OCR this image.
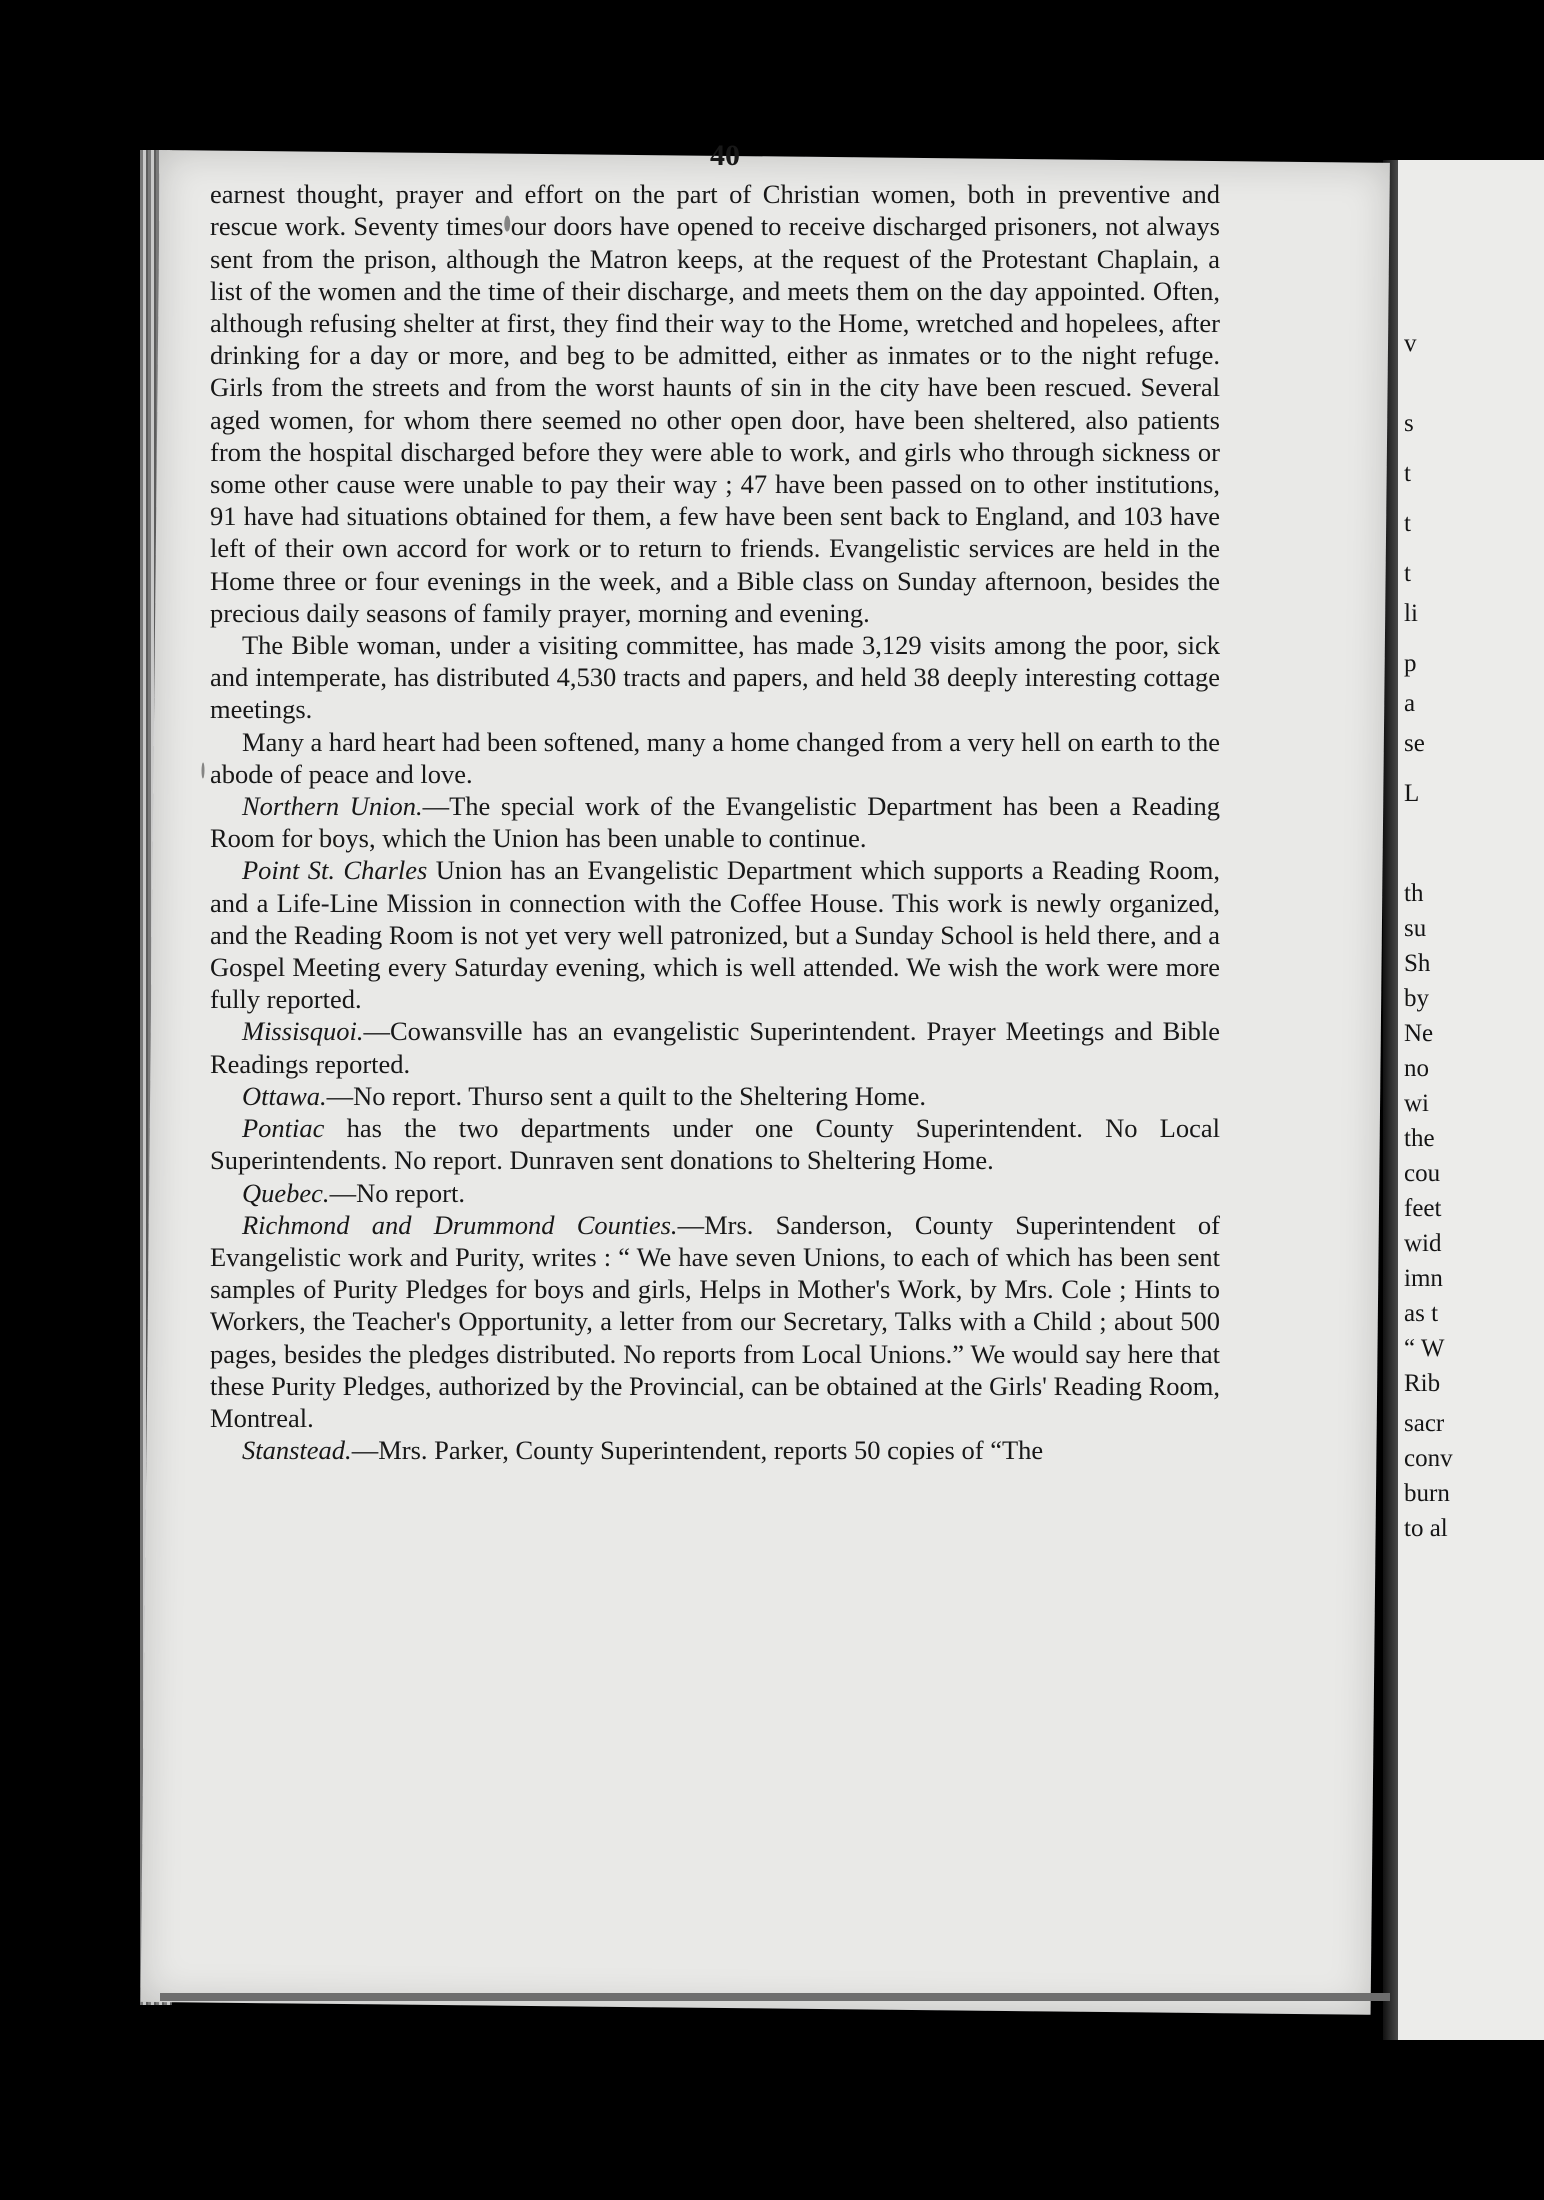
40

earnest thought, prayer and effort on the part of Christian women, both in preventive and rescue work. Seventy times our doors have opened to receive discharged prisoners, not always sent from the prison, although the Matron keeps, at the request of the Protestant Chaplain, a list of the women and the time of their discharge, and meets them on the day appointed. Often, although refusing shelter at first, they find their way to the Home, wretched and hopelees, after drinking for a day or more, and beg to be admitted, either as inmates or to the night refuge. Girls from the streets and from the worst haunts of sin in the city have been rescued. Several aged women, for whom there seemed no other open door, have been sheltered, also patients from the hospital discharged before they were able to work, and girls who through sickness or some other cause were unable to pay their way ; 47 have been passed on to other institutions, 91 have had situations obtained for them, a few have been sent back to England, and 103 have left of their own accord for work or to return to friends. Evangelistic services are held in the Home three or four evenings in the week, and a Bible class on Sunday afternoon, besides the precious daily seasons of family prayer, morning and evening.

The Bible woman, under a visiting committee, has made 3,129 visits among the poor, sick and intemperate, has distributed 4,530 tracts and papers, and held 38 deeply interesting cottage meetings.

Many a hard heart had been softened, many a home changed from a very hell on earth to the abode of peace and love.

Northern Union.—The special work of the Evangelistic Department has been a Reading Room for boys, which the Union has been unable to continue.

Point St. Charles Union has an Evangelistic Department which supports a Reading Room, and a Life-Line Mission in connection with the Coffee House. This work is newly organized, and the Reading Room is not yet very well patronized, but a Sunday School is held there, and a Gospel Meeting every Saturday evening, which is well attended. We wish the work were more fully reported.

Missisquoi.—Cowansville has an evangelistic Superintendent. Prayer Meetings and Bible Readings reported.

Ottawa.—No report. Thurso sent a quilt to the Sheltering Home.

Pontiac has the two departments under one County Superintendent. No Local Superintendents. No report. Dunraven sent donations to Sheltering Home.

Quebec.—No report.

Richmond and Drummond Counties.—Mrs. Sanderson, County Superintendent of Evangelistic work and Purity, writes : “ We have seven Unions, to each of which has been sent samples of Purity Pledges for boys and girls, Helps in Mother's Work, by Mrs. Cole ; Hints to Workers, the Teacher's Opportunity, a letter from our Secretary, Talks with a Child ; about 500 pages, besides the pledges distributed. No reports from Local Unions.” We would say here that these Purity Pledges, authorized by the Provincial, can be obtained at the Girls' Reading Room, Montreal.

Stanstead.—Mrs. Parker, County Superintendent, reports 50 copies of “The

v
s
t
t
t
li
p
a
se
L
th
su
Sh
by
Ne
no
wi
the
cou
feet
wid
imn
as t
“ W
Rib
sacr
conv
burn
to al
